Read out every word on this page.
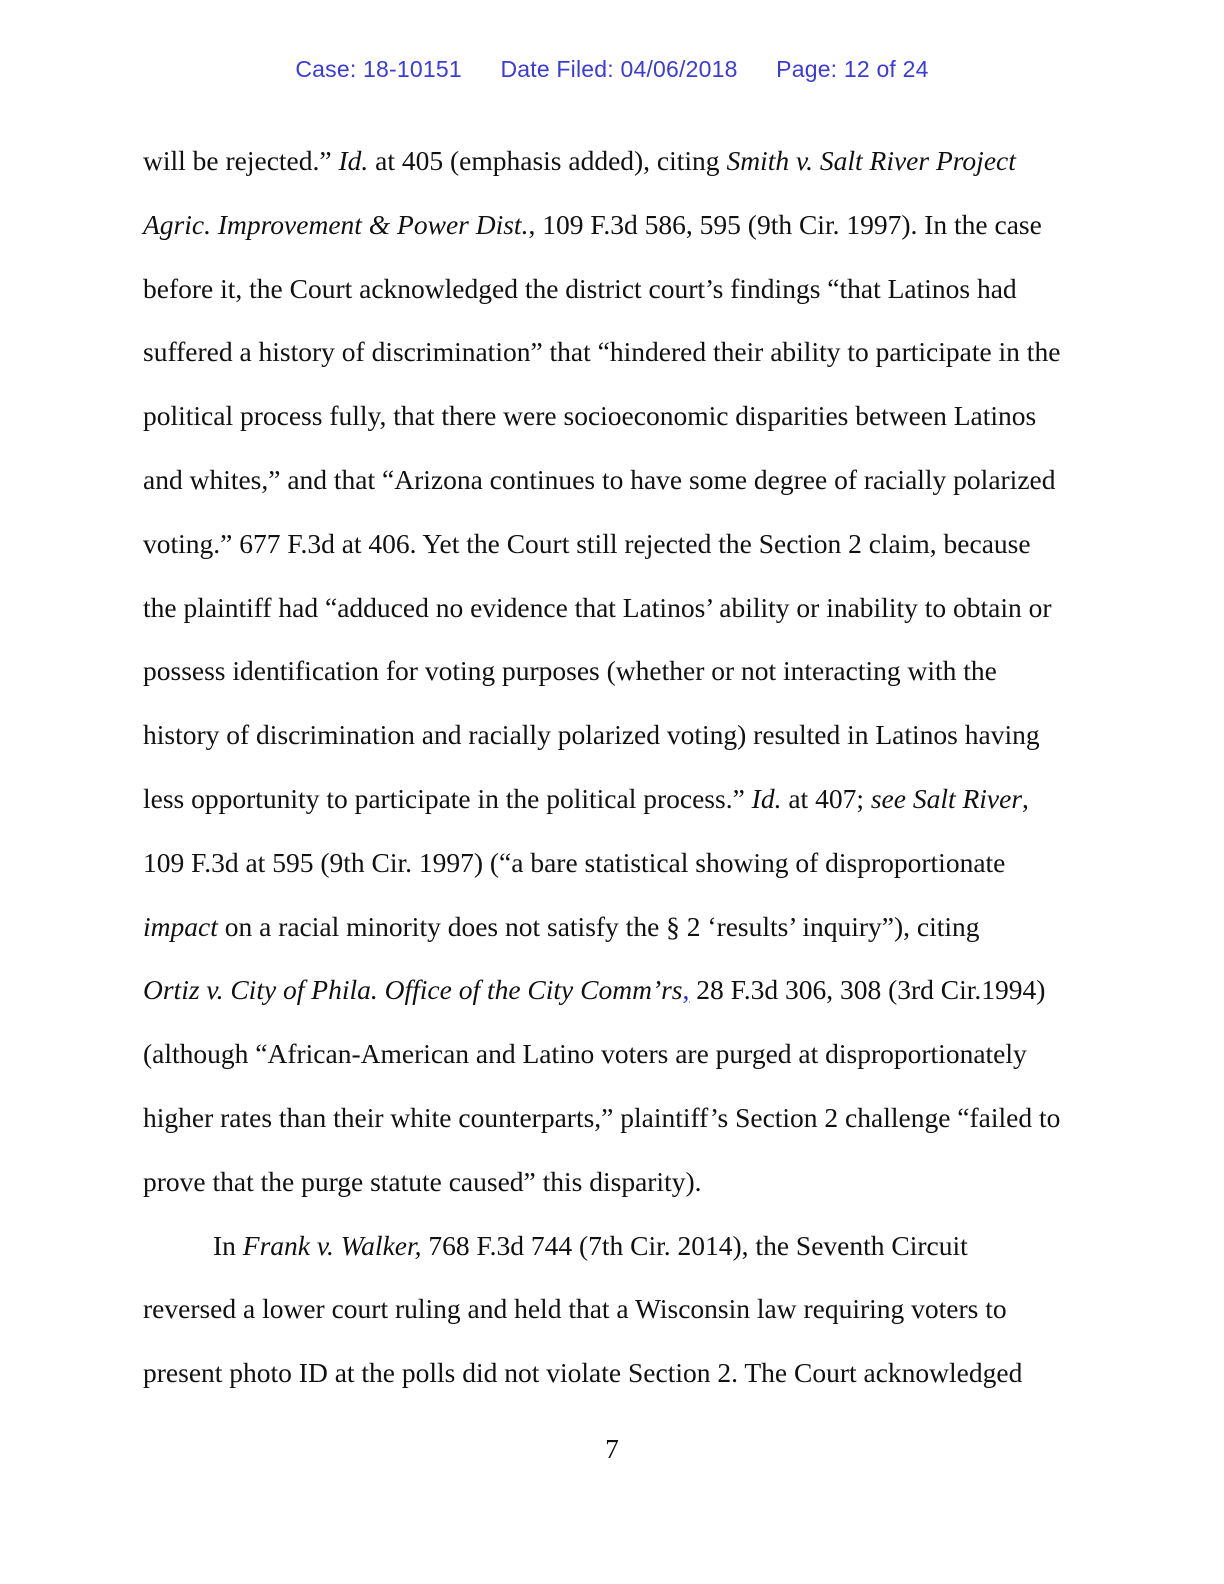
Case: 18-10151 Date Filed: 04/06/2018 Page: 12 of 24
will be rejected.” Id. at 405 (emphasis added), citing Smith v. Salt River Project
Agric. Improvement & Power Dist., 109 F.3d 586, 595 (9th Cir. 1997). In the case
before it, the Court acknowledged the district court’s findings “that Latinos had
suffered a history of discrimination” that “hindered their ability to participate in the
political process fully, that there were socioeconomic disparities between Latinos
and whites,” and that “Arizona continues to have some degree of racially polarized
voting.” 677 F.3d at 406. Yet the Court still rejected the Section 2 claim, because
the plaintiff had “adduced no evidence that Latinos’ ability or inability to obtain or
possess identification for voting purposes (whether or not interacting with the
history of discrimination and racially polarized voting) resulted in Latinos having
less opportunity to participate in the political process.” Id. at 407; see Salt River,
109 F.3d at 595 (9th Cir. 1997) (“a bare statistical showing of disproportionate
impact on a racial minority does not satisfy the § 2 ‘results’ inquiry”), citing
Ortiz v. City of Phila. Office of the City Comm’rs, 28 F.3d 306, 308 (3rd Cir.1994)
(although “African-American and Latino voters are purged at disproportionately
higher rates than their white counterparts,” plaintiff’s Section 2 challenge “failed to
prove that the purge statute caused” this disparity).
In Frank v. Walker, 768 F.3d 744 (7th Cir. 2014), the Seventh Circuit
reversed a lower court ruling and held that a Wisconsin law requiring voters to
present photo ID at the polls did not violate Section 2. The Court acknowledged
7
